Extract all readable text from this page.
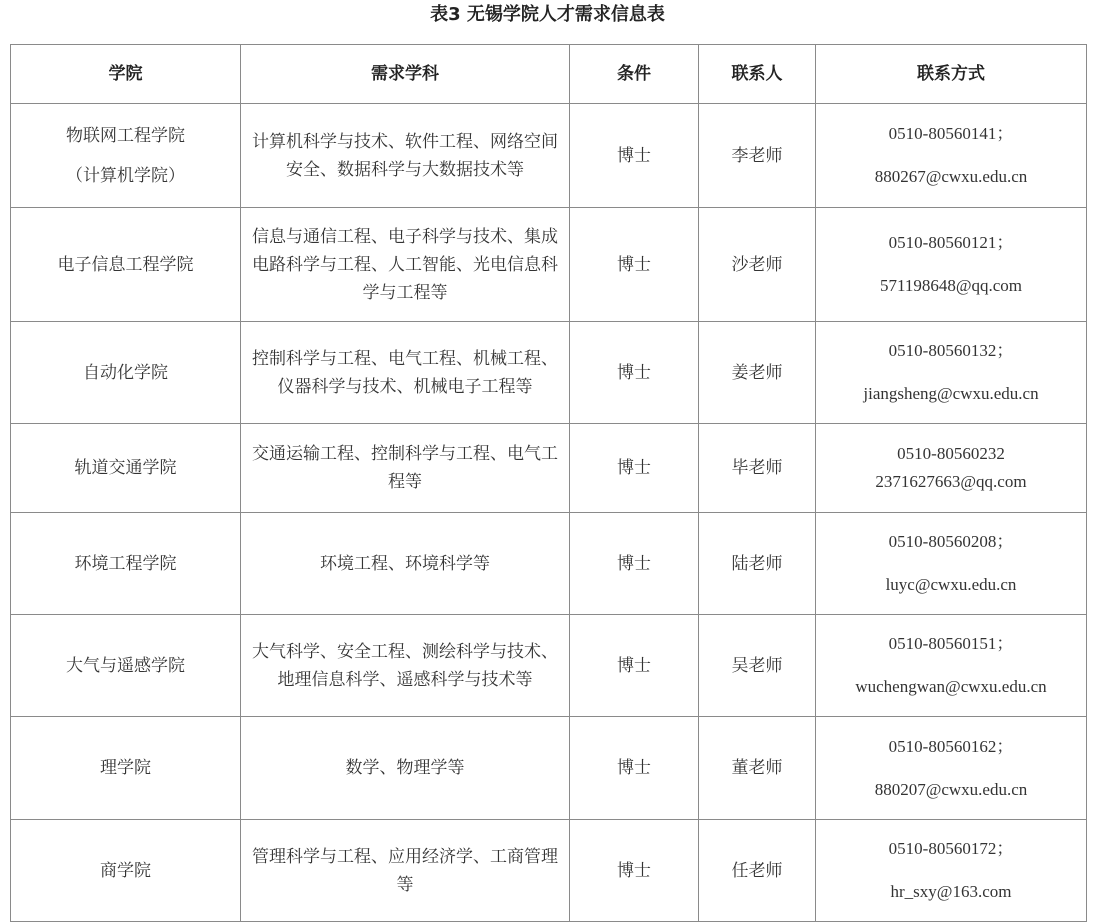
表3 无锡学院人才需求信息表
学院	需求学科	条件	联系人	联系方式

物联网工程学院
（计算机学院）	计算机科学与技术、软件工程、网络空间安全、数据科学与大数据技术等	博士	李老师	0510-80560141；
880267@cwxu.edu.cn

电子信息工程学院	信息与通信工程、电子科学与技术、集成电路科学与工程、人工智能、光电信息科学与工程等	博士	沙老师	0510-80560121；
571198648@qq.com

自动化学院	控制科学与工程、电气工程、机械工程、仪器科学与技术、机械电子工程等	博士	姜老师	0510-80560132；
jiangsheng@cwxu.edu.cn

轨道交通学院	交通运输工程、控制科学与工程、电气工程等	博士	毕老师	0510-80560232
2371627663@qq.com

环境工程学院	环境工程、环境科学等	博士	陆老师	0510-80560208；
luyc@cwxu.edu.cn

大气与遥感学院	大气科学、安全工程、测绘科学与技术、地理信息科学、遥感科学与技术等	博士	吴老师	0510-80560151；
wuchengwan@cwxu.edu.cn

理学院	数学、物理学等	博士	董老师	0510-80560162；
880207@cwxu.edu.cn

商学院	管理科学与工程、应用经济学、工商管理等	博士	任老师	0510-80560172；
hr_sxy@163.com
